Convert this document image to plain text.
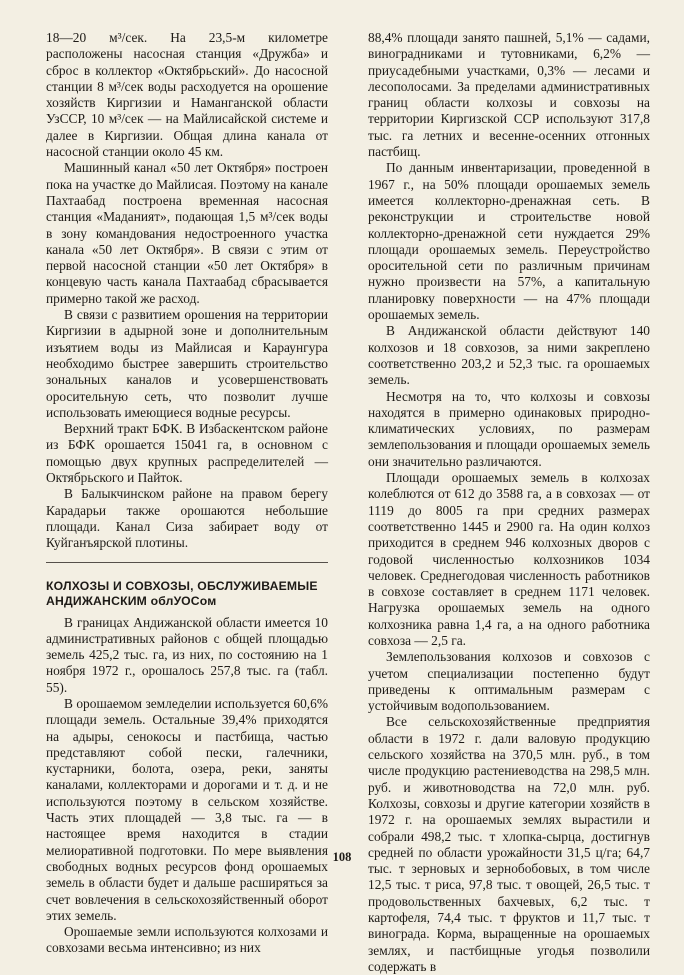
18—20 м³/сек. На 23,5-м километре расположены насосная станция «Дружба» и сброс в коллектор «Октябрьский». До насосной станции 8 м³/сек воды расходуется на орошение хозяйств Киргизии и Наманганской области УзССР, 10 м³/сек — на Майлисайской системе и далее в Киргизии. Общая длина канала от насосной станции около 45 км.

Машинный канал «50 лет Октября» построен пока на участке до Майлисая. Поэтому на канале Пахтаабад построена временная насосная станция «Маданият», подающая 1,5 м³/сек воды в зону командования недостроенного участка канала «50 лет Октября». В связи с этим от первой насосной станции «50 лет Октября» в концевую часть канала Пахтаабад сбрасывается примерно такой же расход.

В связи с развитием орошения на территории Киргизии в адырной зоне и дополнительным изъятием воды из Майлисая и Караунгура необходимо быстрее завершить строительство зональных каналов и усовершенствовать оросительную сеть, что позволит лучше использовать имеющиеся водные ресурсы.

Верхний тракт БФК. В Избаскентском районе из БФК орошается 15041 га, в основном с помощью двух крупных распределителей — Октябрьского и Пайток.

В Балыкчинском районе на правом берегу Карадарьи также орошаются небольшие площади. Канал Сиза забирает воду от Куйганъярской плотины.

КОЛХОЗЫ И СОВХОЗЫ, ОБСЛУЖИВАЕМЫЕ АНДИЖАНСКИМ облУОСом

В границах Андижанской области имеется 10 административных районов с общей площадью земель 425,2 тыс. га, из них, по состоянию на 1 ноября 1972 г., орошалось 257,8 тыс. га (табл. 55).

В орошаемом земледелии используется 60,6% площади земель. Остальные 39,4% приходятся на адыры, сенокосы и пастбища, частью представляют собой пески, галечники, кустарники, болота, озера, реки, заняты каналами, коллекторами и дорогами и т. д. и не используются поэтому в сельском хозяйстве. Часть этих площадей — 3,8 тыс. га — в настоящее время находится в стадии мелиоративной подготовки. По мере выявления свободных водных ресурсов фонд орошаемых земель в области будет и дальше расширяться за счет вовлечения в сельскохозяйственный оборот этих земель.

Орошаемые земли используются колхозами и совхозами весьма интенсивно; из них

88,4% площади занято пашней, 5,1% — садами, виноградниками и тутовниками, 6,2% — приусадебными участками, 0,3% — лесами и лесополосами. За пределами административных границ области колхозы и совхозы на территории Киргизской ССР используют 317,8 тыс. га летних и весенне-осенних отгонных пастбищ.

По данным инвентаризации, проведенной в 1967 г., на 50% площади орошаемых земель имеется коллекторно-дренажная сеть. В реконструкции и строительстве новой коллекторно-дренажной сети нуждается 29% площади орошаемых земель. Переустройство оросительной сети по различным причинам нужно произвести на 57%, а капитальную планировку поверхности — на 47% площади орошаемых земель.

В Андижанской области действуют 140 колхозов и 18 совхозов, за ними закреплено соответственно 203,2 и 52,3 тыс. га орошаемых земель.

Несмотря на то, что колхозы и совхозы находятся в примерно одинаковых природно-климатических условиях, по размерам землепользования и площади орошаемых земель они значительно различаются.

Площади орошаемых земель в колхозах колеблются от 612 до 3588 га, а в совхозах — от 1119 до 8005 га при средних размерах соответственно 1445 и 2900 га. На один колхоз приходится в среднем 946 колхозных дворов с годовой численностью колхозников 1034 человек. Среднегодовая численность работников в совхозе составляет в среднем 1171 человек. Нагрузка орошаемых земель на одного колхозника равна 1,4 га, а на одного работника совхоза — 2,5 га.

Землепользования колхозов и совхозов с учетом специализации постепенно будут приведены к оптимальным размерам с устойчивым водопользованием.

Все сельскохозяйственные предприятия области в 1972 г. дали валовую продукцию сельского хозяйства на 370,5 млн. руб., в том числе продукцию растениеводства на 298,5 млн. руб. и животноводства на 72,0 млн. руб. Колхозы, совхозы и другие категории хозяйств в 1972 г. на орошаемых землях вырастили и собрали 498,2 тыс. т хлопка-сырца, достигнув средней по области урожайности 31,5 ц/га; 64,7 тыс. т зерновых и зернобобовых, в том числе 12,5 тыс. т риса, 97,8 тыс. т овощей, 26,5 тыс. т продовольственных бахчевых, 6,2 тыс. т картофеля, 74,4 тыс. т фруктов и 11,7 тыс. т винограда. Корма, выращенные на орошаемых землях, и пастбищные угодья позволили содержать в

108
